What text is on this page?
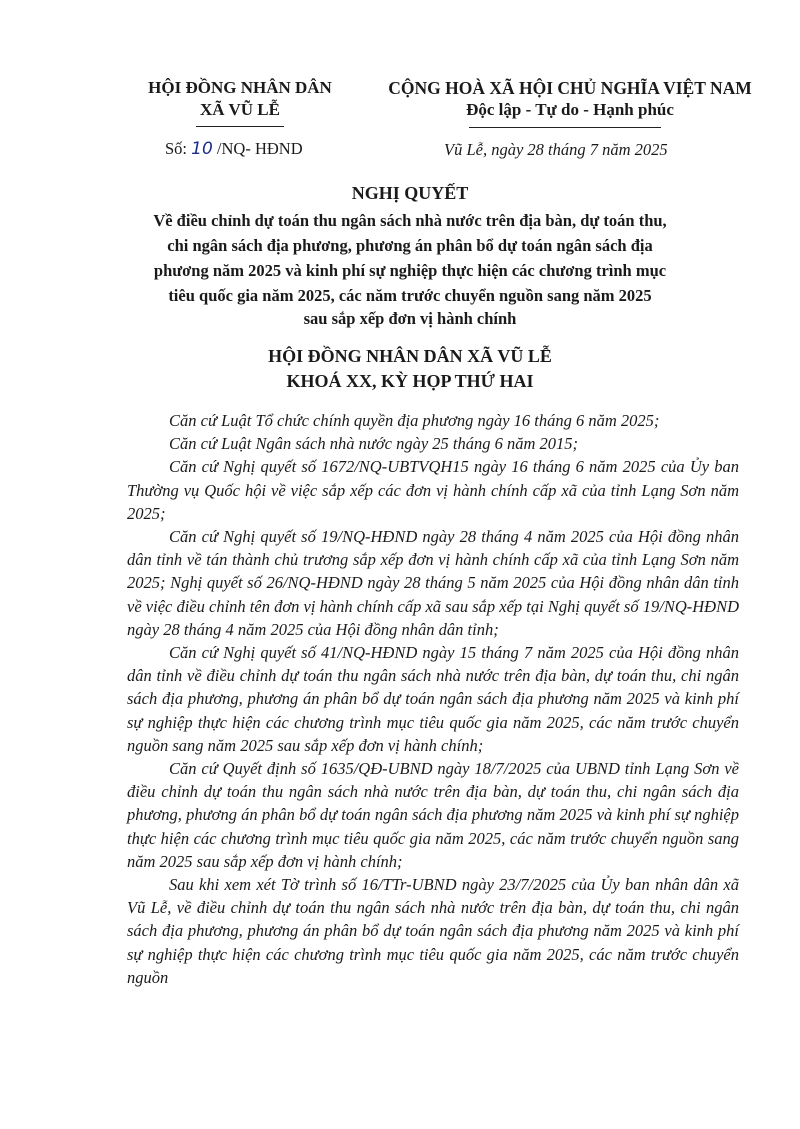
HỘI ĐỒNG NHÂN DÂN
XÃ VŨ LỄ
CỘNG HOÀ XÃ HỘI CHỦ NGHĨA VIỆT NAM
Độc lập - Tự do - Hạnh phúc
Số: 10 /NQ- HĐND	Vũ Lễ, ngày 28 tháng 7 năm 2025
NGHỊ QUYẾT
Về điều chỉnh dự toán thu ngân sách nhà nước trên địa bàn, dự toán thu,
chi ngân sách địa phương, phương án phân bổ dự toán ngân sách địa
phương năm 2025 và kinh phí sự nghiệp thực hiện các chương trình mục
tiêu quốc gia năm 2025, các năm trước chuyển nguồn sang năm 2025
sau sắp xếp đơn vị hành chính
HỘI ĐỒNG NHÂN DÂN XÃ VŨ LỄ
KHOÁ XX, KỲ HỌP THỨ HAI

Căn cứ Luật Tổ chức chính quyền địa phương ngày 16 tháng 6 năm 2025;

Căn cứ Luật Ngân sách nhà nước ngày 25 tháng 6 năm 2015;

Căn cứ Nghị quyết số 1672/NQ-UBTVQH15 ngày 16 tháng 6 năm 2025 của Ủy ban Thường vụ Quốc hội về việc sắp xếp các đơn vị hành chính cấp xã của tỉnh Lạng Sơn năm 2025;

Căn cứ Nghị quyết số 19/NQ-HĐND ngày 28 tháng 4 năm 2025 của Hội đồng nhân dân tỉnh về tán thành chủ trương sắp xếp đơn vị hành chính cấp xã của tỉnh Lạng Sơn năm 2025; Nghị quyết số 26/NQ-HĐND ngày 28 tháng 5 năm 2025 của Hội đồng nhân dân tỉnh về việc điều chỉnh tên đơn vị hành chính cấp xã sau sắp xếp tại Nghị quyết số 19/NQ-HĐND ngày 28 tháng 4 năm 2025 của Hội đồng nhân dân tỉnh;

Căn cứ Nghị quyết số 41/NQ-HĐND ngày 15 tháng 7 năm 2025 của Hội đồng nhân dân tỉnh về điều chỉnh dự toán thu ngân sách nhà nước trên địa bàn, dự toán thu, chi ngân sách địa phương, phương án phân bổ dự toán ngân sách địa phương năm 2025 và kinh phí sự nghiệp thực hiện các chương trình mục tiêu quốc gia năm 2025, các năm trước chuyển nguồn sang năm 2025 sau sắp xếp đơn vị hành chính;

Căn cứ Quyết định số 1635/QĐ-UBND ngày 18/7/2025 của UBND tỉnh Lạng Sơn về điều chỉnh dự toán thu ngân sách nhà nước trên địa bàn, dự toán thu, chi ngân sách địa phương, phương án phân bổ dự toán ngân sách địa phương năm 2025 và kinh phí sự nghiệp thực hiện các chương trình mục tiêu quốc gia năm 2025, các năm trước chuyển nguồn sang năm 2025 sau sắp xếp đơn vị hành chính;

Sau khi xem xét Tờ trình số 16/TTr-UBND ngày 23/7/2025 của Ủy ban nhân dân xã Vũ Lễ, về điều chỉnh dự toán thu ngân sách nhà nước trên địa bàn, dự toán thu, chi ngân sách địa phương, phương án phân bổ dự toán ngân sách địa phương năm 2025 và kinh phí sự nghiệp thực hiện các chương trình mục tiêu quốc gia năm 2025, các năm trước chuyển nguồn
